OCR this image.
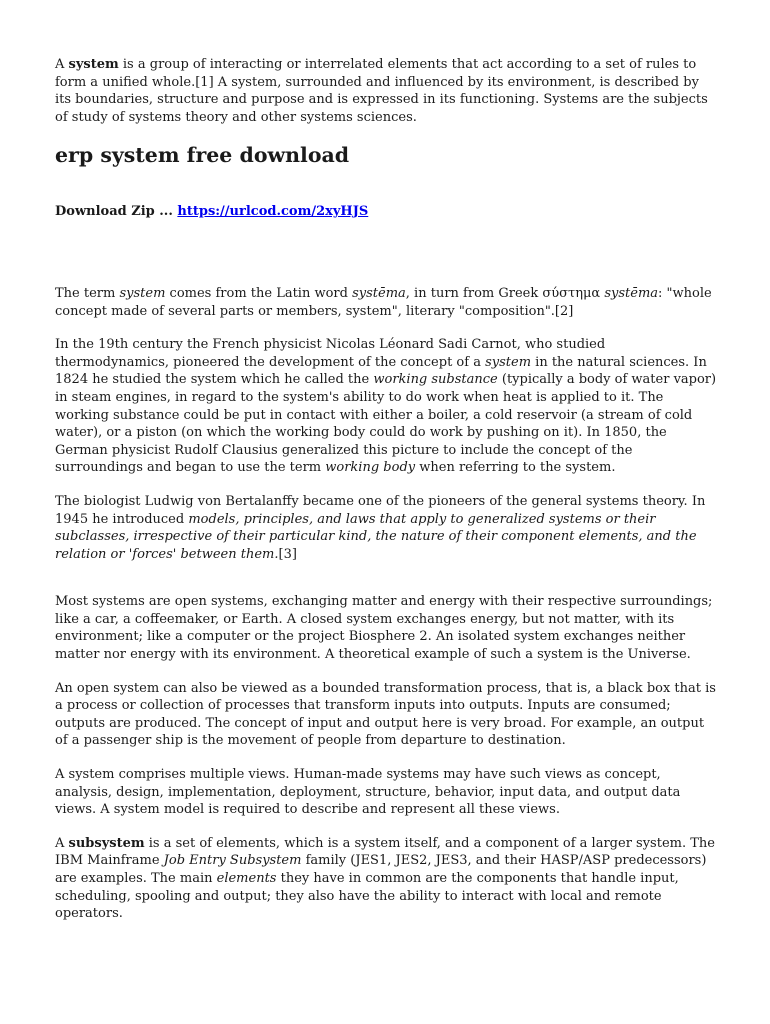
A system is a group of interacting or interrelated elements that act according to a set of rules to form a unified whole.[1] A system, surrounded and influenced by its environment, is described by its boundaries, structure and purpose and is expressed in its functioning. Systems are the subjects of study of systems theory and other systems sciences.

erp system free download

Download Zip ... https://urlcod.com/2xyHJS

The term system comes from the Latin word systēma, in turn from Greek σύστημα systēma: "whole concept made of several parts or members, system", literary "composition".[2]

In the 19th century the French physicist Nicolas Léonard Sadi Carnot, who studied thermodynamics, pioneered the development of the concept of a system in the natural sciences. In 1824 he studied the system which he called the working substance (typically a body of water vapor) in steam engines, in regard to the system's ability to do work when heat is applied to it. The working substance could be put in contact with either a boiler, a cold reservoir (a stream of cold water), or a piston (on which the working body could do work by pushing on it). In 1850, the German physicist Rudolf Clausius generalized this picture to include the concept of the surroundings and began to use the term working body when referring to the system.

The biologist Ludwig von Bertalanffy became one of the pioneers of the general systems theory. In 1945 he introduced models, principles, and laws that apply to generalized systems or their subclasses, irrespective of their particular kind, the nature of their component elements, and the relation or 'forces' between them.[3]

Most systems are open systems, exchanging matter and energy with their respective surroundings; like a car, a coffeemaker, or Earth. A closed system exchanges energy, but not matter, with its environment; like a computer or the project Biosphere 2. An isolated system exchanges neither matter nor energy with its environment. A theoretical example of such a system is the Universe.

An open system can also be viewed as a bounded transformation process, that is, a black box that is a process or collection of processes that transform inputs into outputs. Inputs are consumed; outputs are produced. The concept of input and output here is very broad. For example, an output of a passenger ship is the movement of people from departure to destination.

A system comprises multiple views. Human-made systems may have such views as concept, analysis, design, implementation, deployment, structure, behavior, input data, and output data views. A system model is required to describe and represent all these views.

A subsystem is a set of elements, which is a system itself, and a component of a larger system. The IBM Mainframe Job Entry Subsystem family (JES1, JES2, JES3, and their HASP/ASP predecessors) are examples. The main elements they have in common are the components that handle input, scheduling, spooling and output; they also have the ability to interact with local and remote operators.
